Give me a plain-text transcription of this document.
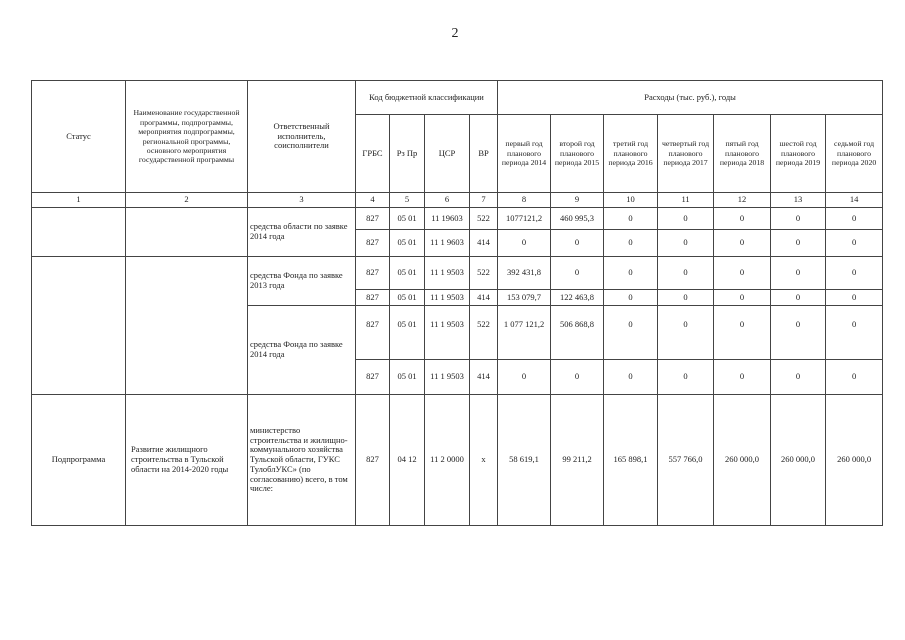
2
Статус	Наименование государственной программы, подпрограммы, мероприятия подпрограммы, региональной программы, основного мероприятия государственной программы	Ответственный исполнитель, соисполнители	Код бюджетной классификации				Расходы (тыс. руб.), годы						
			ГРБС	Рз Пр	ЦСР	ВР	первый год планового периода 2014	второй год планового периода 2015	третий год планового периода 2016	четвертый год планового периода 2017	пятый год планового периода 2018	шестой год планового периода 2019	седьмой год планового периода 2020
1	2	3	4	5	6	7	8	9	10	11	12	13	14
		средства области по заявке 2014 года	827	05 01	11 19603	522	1077121,2	460 995,3	0	0	0	0	0
			827	05 01	11 1 9603	414	0	0	0	0	0	0	0
		средства Фонда по заявке 2013 года	827	05 01	11 1 9503	522	392 431,8	0	0	0	0	0	0
			827	05 01	11 1 9503	414	153 079,7	122 463,8	0	0	0	0	0
		средства Фонда по заявке 2014 года	827	05 01	11 1 9503	522	1 077 121,2	506 868,8	0	0	0	0	0
			827	05 01	11 1 9503	414	0	0	0	0	0	0	0
Подпрограмма	Развитие жилищного строительства в Тульской области на 2014-2020 годы	министерство строительства и жилищно-коммунального хозяйства Тульской области, ГУКС ТулоблУКС» (по согласованию) всего, в том числе:	827	04 12	11 2 0000	х	58 619,1	99 211,2	165 898,1	557 766,0	260 000,0	260 000,0	260 000,0
